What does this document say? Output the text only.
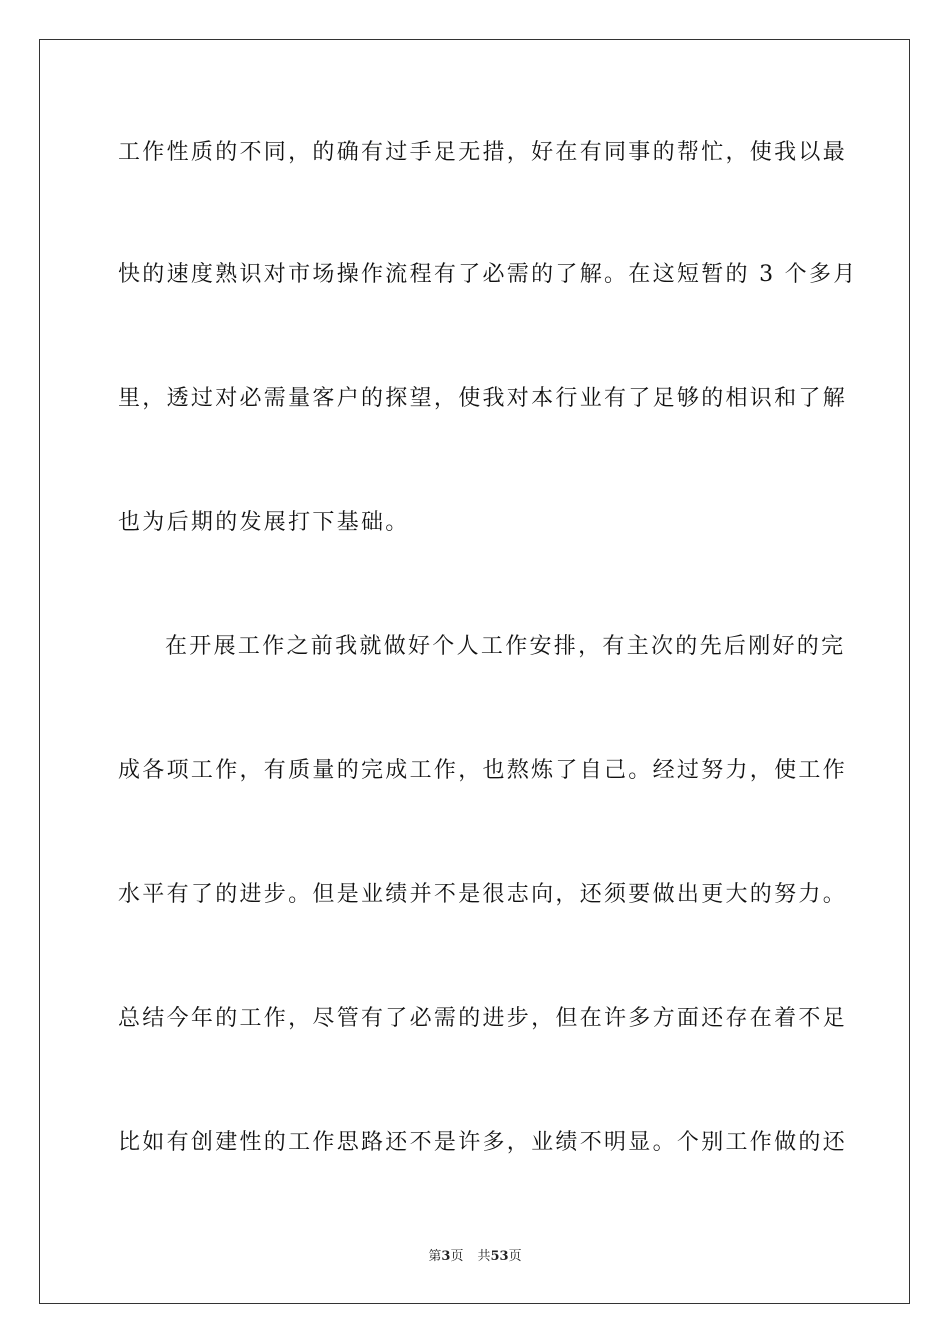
工作性质的不同，的确有过手足无措，好在有同事的帮忙，使我以最
快的速度熟识对市场操作流程有了必需的了解。在这短暂的 3 个多月
里，透过对必需量客户的探望，使我对本行业有了足够的相识和了解
也为后期的发展打下基础。
在开展工作之前我就做好个人工作安排，有主次的先后刚好的完
成各项工作，有质量的完成工作，也熬炼了自己。经过努力，使工作
水平有了的进步。但是业绩并不是很志向，还须要做出更大的努力。
总结今年的工作，尽管有了必需的进步，但在许多方面还存在着不足
比如有创建性的工作思路还不是许多，业绩不明显。个别工作做的还
第3页 共53页
